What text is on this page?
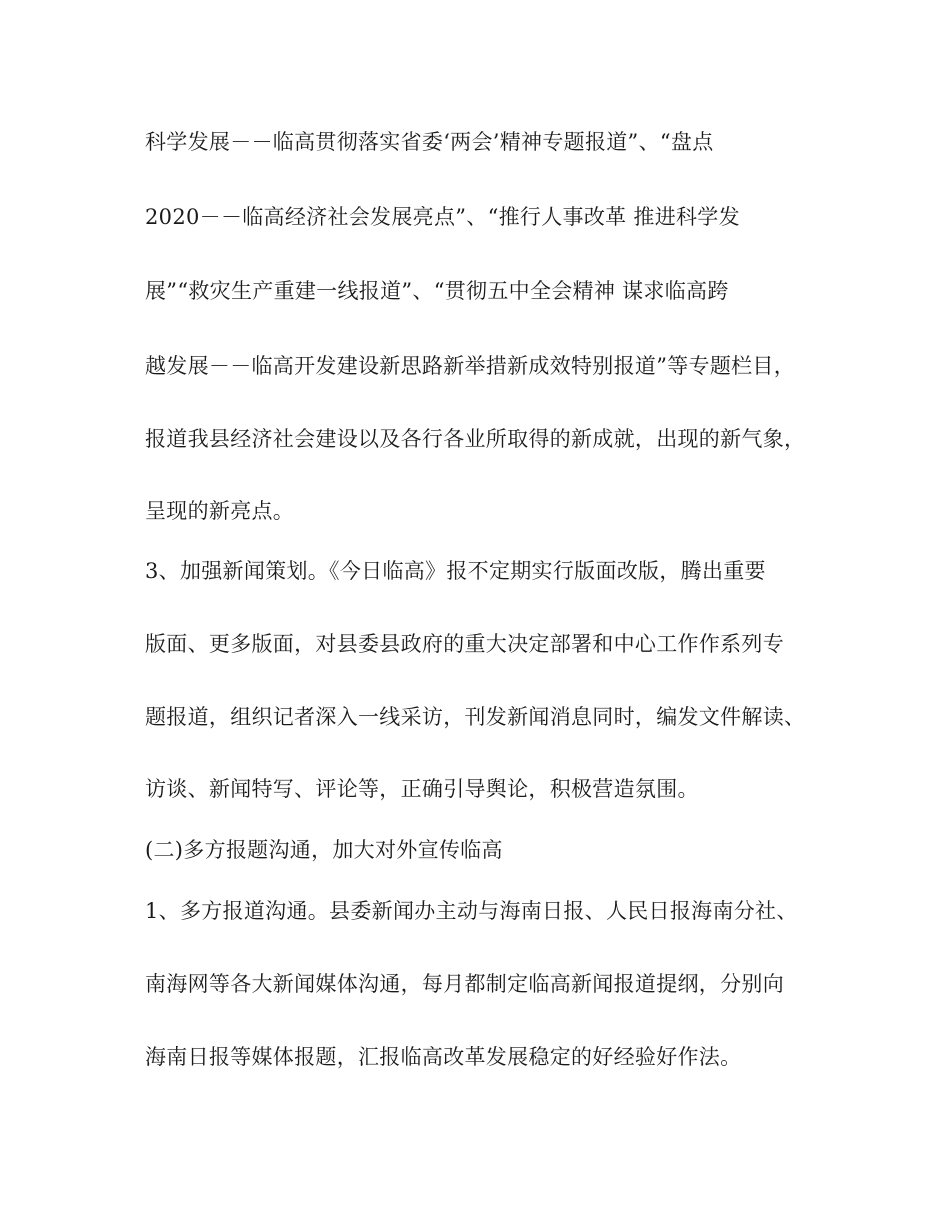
科学发展－－临高贯彻落实省委‘两会’精神专题报道”、“盘点
2020－－临高经济社会发展亮点”、“推行人事改革 推进科学发
展”“救灾生产重建一线报道”、“贯彻五中全会精神 谋求临高跨
越发展－－临高开发建设新思路新举措新成效特别报道”等专题栏目，
报道我县经济社会建设以及各行各业所取得的新成就，出现的新气象，
呈现的新亮点。
3、加强新闻策划。《今日临高》报不定期实行版面改版，腾出重要
版面、更多版面，对县委县政府的重大决定部署和中心工作作系列专
题报道，组织记者深入一线采访，刊发新闻消息同时，编发文件解读、
访谈、新闻特写、评论等，正确引导舆论，积极营造氛围。
(二)多方报题沟通，加大对外宣传临高
1、多方报道沟通。县委新闻办主动与海南日报、人民日报海南分社、
南海网等各大新闻媒体沟通，每月都制定临高新闻报道提纲，分别向
海南日报等媒体报题，汇报临高改革发展稳定的好经验好作法。
